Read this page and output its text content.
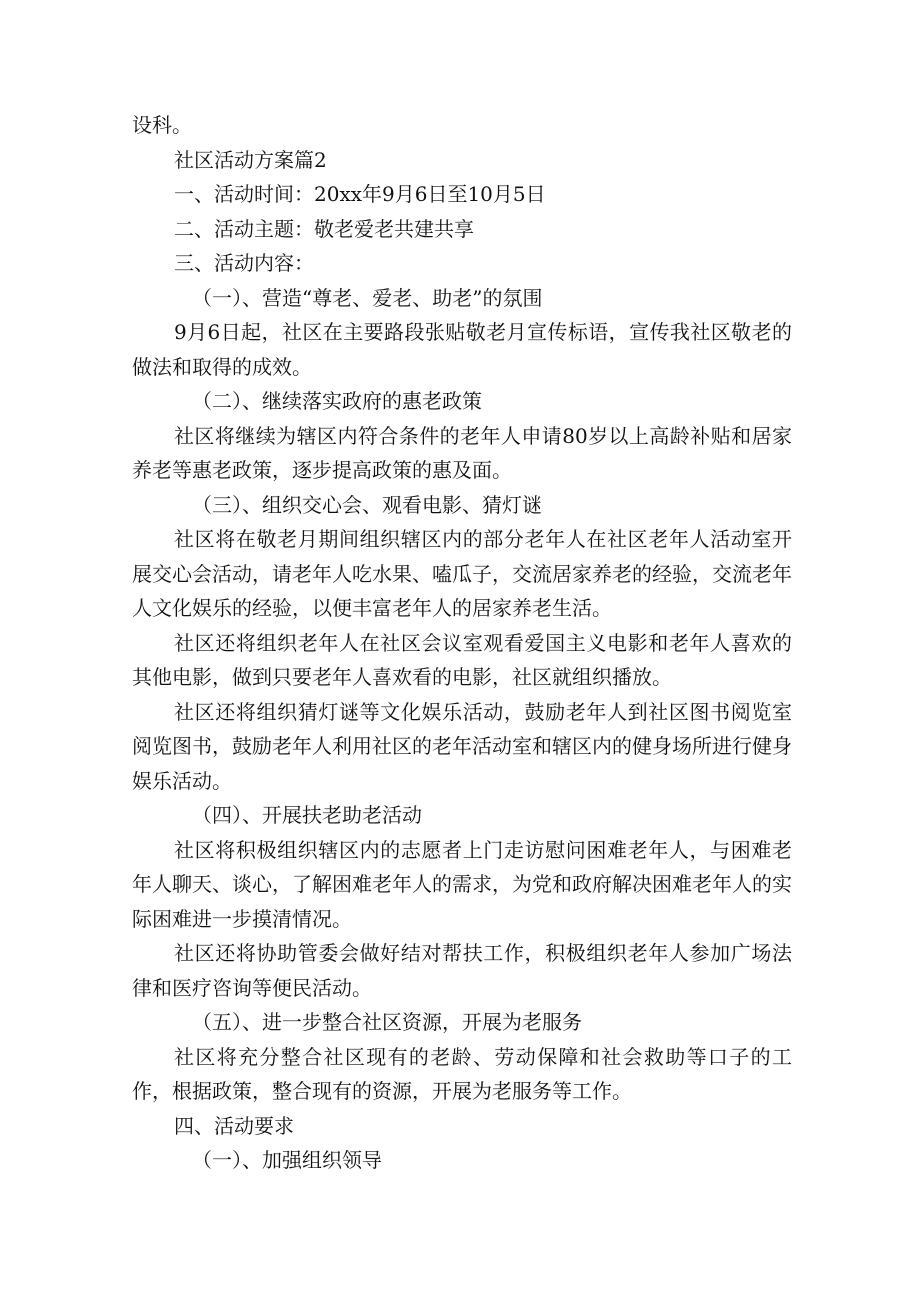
设科。

社区活动方案篇2

一、活动时间：20xx年9月6日至10月5日

二、活动主题：敬老爱老共建共享

三、活动内容：

（一）、营造“尊老、爱老、助老”的氛围

9月6日起，社区在主要路段张贴敬老月宣传标语，宣传我社区敬老的做法和取得的成效。

（二）、继续落实政府的惠老政策

社区将继续为辖区内符合条件的老年人申请80岁以上高龄补贴和居家养老等惠老政策，逐步提高政策的惠及面。

（三）、组织交心会、观看电影、猜灯谜

社区将在敬老月期间组织辖区内的部分老年人在社区老年人活动室开展交心会活动，请老年人吃水果、嗑瓜子，交流居家养老的经验，交流老年人文化娱乐的经验，以便丰富老年人的居家养老生活。

社区还将组织老年人在社区会议室观看爱国主义电影和老年人喜欢的其他电影，做到只要老年人喜欢看的电影，社区就组织播放。

社区还将组织猜灯谜等文化娱乐活动，鼓励老年人到社区图书阅览室阅览图书，鼓励老年人利用社区的老年活动室和辖区内的健身场所进行健身娱乐活动。

（四）、开展扶老助老活动

社区将积极组织辖区内的志愿者上门走访慰问困难老年人，与困难老年人聊天、谈心，了解困难老年人的需求，为党和政府解决困难老年人的实际困难进一步摸清情况。

社区还将协助管委会做好结对帮扶工作，积极组织老年人参加广场法律和医疗咨询等便民活动。

（五）、进一步整合社区资源，开展为老服务

社区将充分整合社区现有的老龄、劳动保障和社会救助等口子的工作，根据政策，整合现有的资源，开展为老服务等工作。

四、活动要求

（一）、加强组织领导
